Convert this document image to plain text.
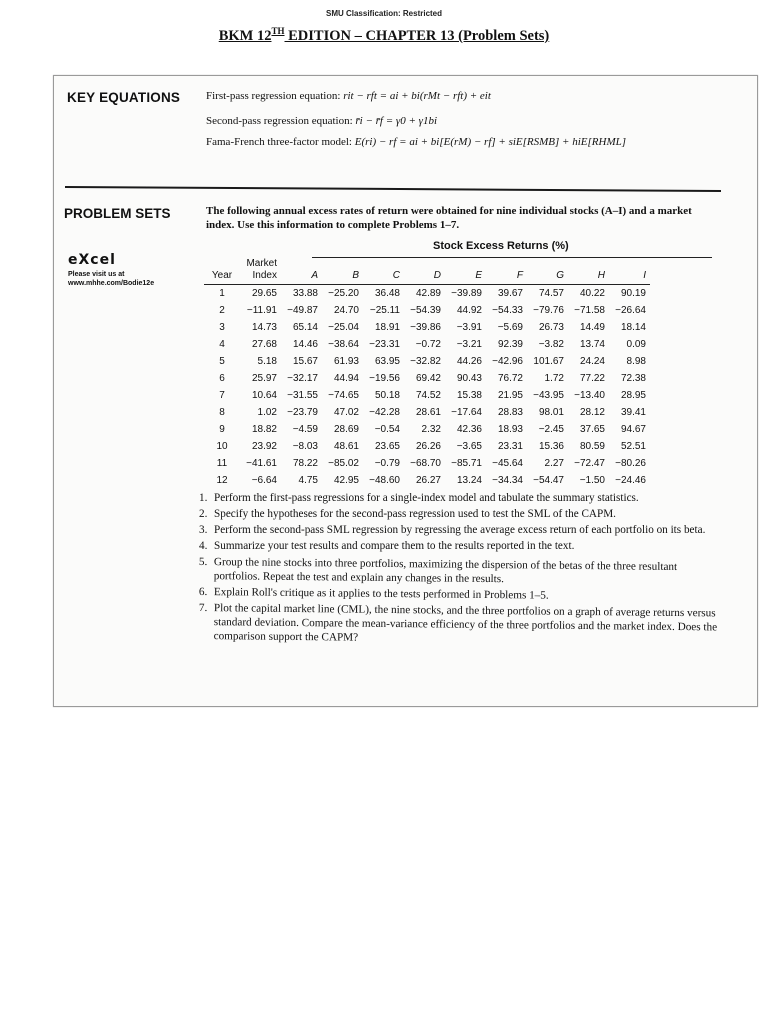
SMU Classification: Restricted
BKM 12TH EDITION – CHAPTER 13 (Problem Sets)
KEY EQUATIONS First-pass regression equation: rit − rft = ai + bi(rMt − rft) + eit
Second-pass regression equation: r̄i − r̄f = γ0 + γ1bi
Fama-French three-factor model: E(ri) − rf = ai + bi[E(rM) − rf] + siE[RSMB] + hiE[RHML]
PROBLEM SETS	The following annual excess rates of return were obtained for nine individual stocks (A–I) and a market index. Use this information to complete Problems 1–7.
eXcel
Please visit us at
www.mhhe.com/Bodie12e
Stock Excess Returns (%)
	Market									
Year	Index	A	B	C	D	E	F	G	H	I
1	29.65	33.88	−25.20	36.48	42.89	−39.89	39.67	74.57	40.22	90.19
2	−11.91	−49.87	24.70	−25.11	−54.39	44.92	−54.33	−79.76	−71.58	−26.64
3	14.73	65.14	−25.04	18.91	−39.86	−3.91	−5.69	26.73	14.49	18.14
4	27.68	14.46	−38.64	−23.31	−0.72	−3.21	92.39	−3.82	13.74	0.09
5	5.18	15.67	61.93	63.95	−32.82	44.26	−42.96	101.67	24.24	8.98
6	25.97	−32.17	44.94	−19.56	69.42	90.43	76.72	1.72	77.22	72.38
7	10.64	−31.55	−74.65	50.18	74.52	15.38	21.95	−43.95	−13.40	28.95
8	1.02	−23.79	47.02	−42.28	28.61	−17.64	28.83	98.01	28.12	39.41
9	18.82	−4.59	28.69	−0.54	2.32	42.36	18.93	−2.45	37.65	94.67
10	23.92	−8.03	48.61	23.65	26.26	−3.65	23.31	15.36	80.59	52.51
11	−41.61	78.22	−85.02	−0.79	−68.70	−85.71	−45.64	2.27	−72.47	−80.26
12	−6.64	4.75	42.95	−48.60	26.27	13.24	−34.34	−54.47	−1.50	−24.46
1. Perform the first-pass regressions for a single-index model and tabulate the summary statistics.
2. Specify the hypotheses for the second-pass regression used to test the SML of the CAPM.
3. Perform the second-pass SML regression by regressing the average excess return of each portfolio on its beta.
4. Summarize your test results and compare them to the results reported in the text.
5. Group the nine stocks into three portfolios, maximizing the dispersion of the betas of the three resultant portfolios. Repeat the test and explain any changes in the results.
6. Explain Roll's critique as it applies to the tests performed in Problems 1–5.
7. Plot the capital market line (CML), the nine stocks, and the three portfolios on a graph of average returns versus standard deviation. Compare the mean-variance efficiency of the three portfolios and the market index. Does the comparison support the CAPM?
